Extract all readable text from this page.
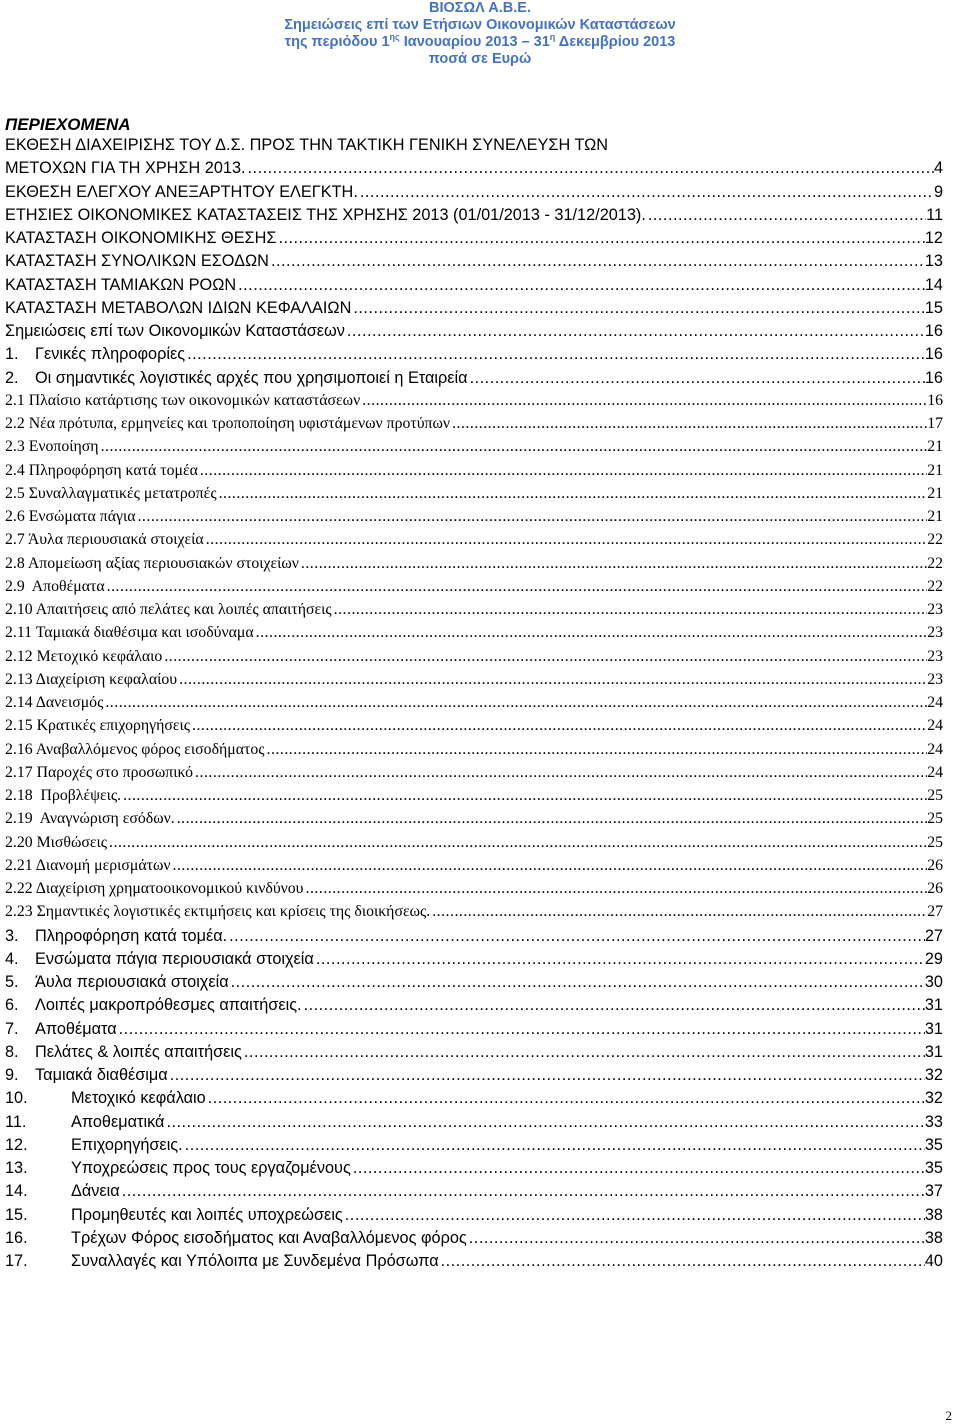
ΒΙΟΣΩΛ Α.Β.Ε.
Σημειώσεις επί των Ετήσιων Οικονομικών Καταστάσεων
της περιόδου $1^{\eta\varsigma}$ Ιανουαρίου $2013 - 31^\eta$ Δεκεμβρίου 2013
ποσά σε Ευρώ
ΠΕΡΙΕΧΟΜΕΝΑ
ΕΚΘΕΣΗ ΔΙΑΧΕΙΡΙΣΗΣ ΤΟΥ Δ.Σ. ΠΡΟΣ ΤΗΝ ΤΑΚΤΙΚΗ ΓΕΝΙΚΗ ΣΥΝΕΛΕΥΣΗ ΤΩΝ
ΜΕΤΟΧΩΝ ΓΙΑ ΤΗ ΧΡΗΣΗ 2013. .....	4
ΕΚΘΕΣΗ ΕΛΕΓΧΟΥ ΑΝΕΞΑΡΤΗΤΟΥ ΕΛΕΓΚΤΗ. .....	9
ΕΤΗΣΙΕΣ ΟΙΚΟΝΟΜΙΚΕΣ ΚΑΤΑΣΤΑΣΕΙΣ ΤΗΣ ΧΡΗΣΗΣ 2013 (01/01/2013 - 31/12/2013). .....	11
ΚΑΤΑΣΤΑΣΗ ΟΙΚΟΝΟΜΙΚΗΣ ΘΕΣΗΣ .....	12
ΚΑΤΑΣΤΑΣΗ ΣΥΝΟΛΙΚΩΝ ΕΣΟΔΩΝ .....	13
ΚΑΤΑΣΤΑΣΗ ΤΑΜΙΑΚΩΝ ΡΟΩΝ .....	14
ΚΑΤΑΣΤΑΣΗ ΜΕΤΑΒΟΛΩΝ ΙΔΙΩΝ ΚΕΦΑΛΑΙΩΝ .....	15
Σημειώσεις επί των Οικονομικών Καταστάσεων .....	16
1.	Γενικές πληροφορίες .....	16
2.	Οι σημαντικές λογιστικές αρχές που χρησιμοποιεί η Εταιρεία .....	16
2.1 Πλαίσιο κατάρτισης των οικονομικών καταστάσεων .....	16
2.2 Νέα πρότυπα, ερμηνείες και τροποποίηση υφιστάμενων προτύπων .....	17
2.3 Ενοποίηση .....	21
2.4 Πληροφόρηση κατά τομέα .....	21
2.5 Συναλλαγματικές μετατροπές .....	21
2.6 Ενσώματα πάγια .....	21
2.7 Άυλα περιουσιακά στοιχεία .....	22
2.8 Απομείωση αξίας περιουσιακών στοιχείων .....	22
2.9 Αποθέματα .....	22
2.10 Απαιτήσεις από πελάτες και λοιπές απαιτήσεις .....	23
2.11 Ταμιακά διαθέσιμα και ισοδύναμα .....	23
2.12 Μετοχικό κεφάλαιο .....	23
2.13 Διαχείριση κεφαλαίου .....	23
2.14 Δανεισμός .....	24
2.15 Κρατικές επιχορηγήσεις .....	24
2.16 Αναβαλλόμενος φόρος εισοδήματος .....	24
2.17 Παροχές στο προσωπικό .....	24
2.18 Προβλέψεις. .....	25
2.19 Αναγνώριση εσόδων. .....	25
2.20 Μισθώσεις .....	25
2.21 Διανομή μερισμάτων .....	26
2.22 Διαχείριση χρηματοοικονομικού κινδύνου .....	26
2.23 Σημαντικές λογιστικές εκτιμήσεις και κρίσεις της διοικήσεως. .....	27
3.	Πληροφόρηση κατά τομέα. .....	27
4.	Ενσώματα πάγια περιουσιακά στοιχεία .....	29
5.	Άυλα περιουσιακά στοιχεία .....	30
6.	Λοιπές μακροπρόθεσμες απαιτήσεις. .....	31
7.	Αποθέματα .....	31
8.	Πελάτες & λοιπές απαιτήσεις .....	31
9.	Ταμιακά διαθέσιμα .....	32
10.	Μετοχικό κεφάλαιο .....	32
11.	Αποθεματικά .....	33
12.	Επιχορηγήσεις. .....	35
13.	Υποχρεώσεις προς τους εργαζομένους .....	35
14.	Δάνεια .....	37
15.	Προμηθευτές και λοιπές υποχρεώσεις .....	38
16.	Τρέχων Φόρος εισοδήματος και Αναβαλλόμενος φόρος .....	38
17.	Συναλλαγές και Υπόλοιπα με Συνδεμένα Πρόσωπα .....	40
2
